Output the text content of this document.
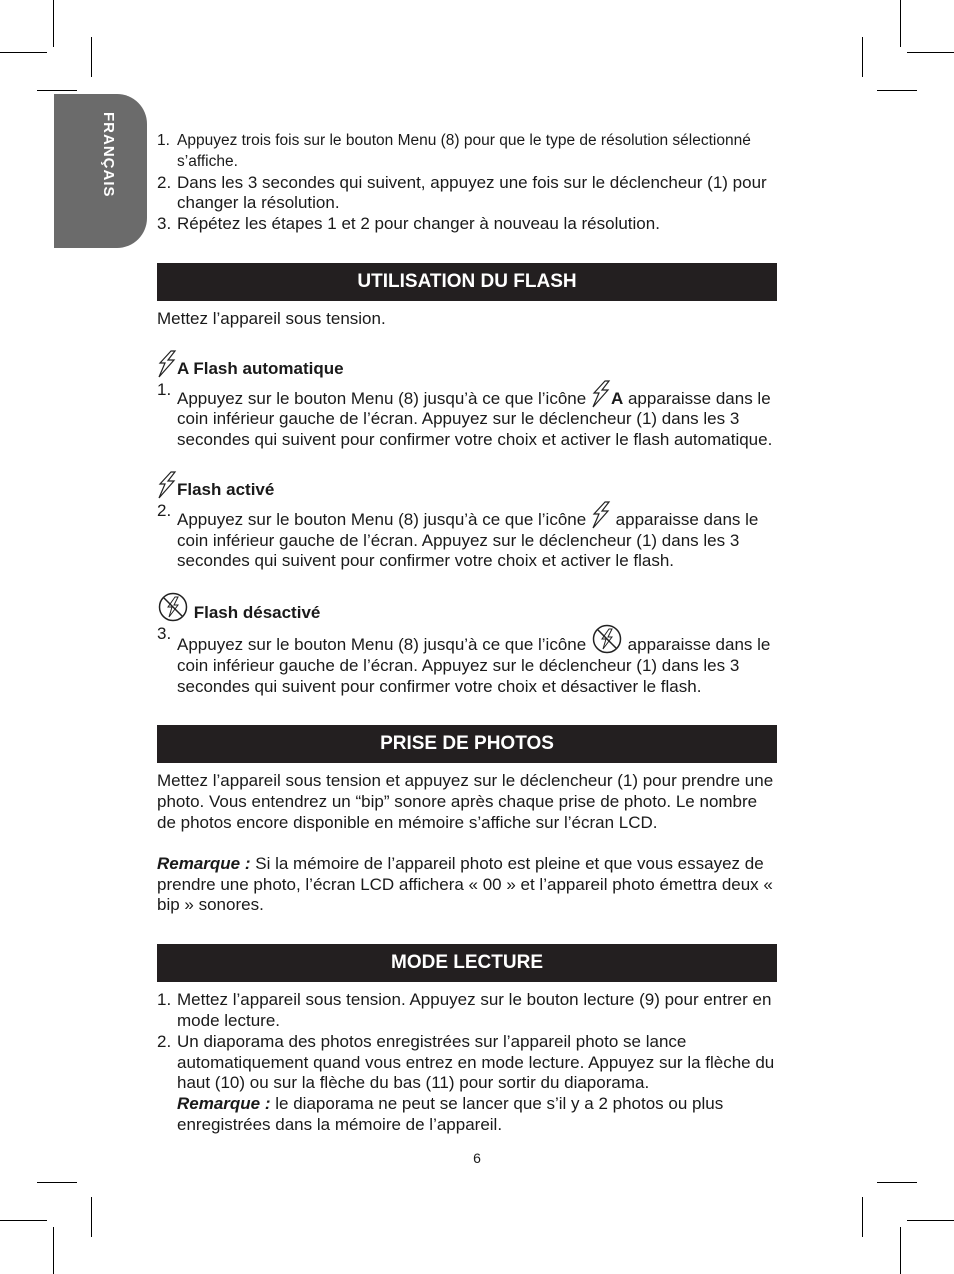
FRANÇAIS	1. Appuyez trois fois sur le bouton Menu (8) pour que le type de résolution sélectionné s’affiche.
2. Dans les 3 secondes qui suivent, appuyez une fois sur le déclencheur (1) pour changer la résolution.
3. Répétez les étapes 1 et 2 pour changer à nouveau la résolution.
UTILISATION DU FLASH

Mettez l’appareil sous tension.

A Flash automatique
1. Appuyez sur le bouton Menu (8) jusqu’à ce que l’icône A apparaisse dans le coin inférieur gauche de l’écran. Appuyez sur le déclencheur (1) dans les 3 secondes qui suivent pour confirmer votre choix et activer le flash automatique.
Flash activé
2. Appuyez sur le bouton Menu (8) jusqu’à ce que l’icône apparaisse dans le coin inférieur gauche de l’écran. Appuyez sur le déclencheur (1) dans les 3 secondes qui suivent pour confirmer votre choix et activer le flash.
Flash désactivé
3.
Appuyez sur le bouton Menu (8) jusqu’à ce que l’icône apparaisse dans le coin inférieur gauche de l’écran. Appuyez sur le déclencheur (1) dans les 3 secondes qui suivent pour confirmer votre choix et désactiver le flash.
PRISE DE PHOTOS

Mettez l’appareil sous tension et appuyez sur le déclencheur (1) pour prendre une photo. Vous entendrez un “bip” sonore après chaque prise de photo. Le nombre de photos encore disponible en mémoire s’affiche sur l’écran LCD.

Remarque : Si la mémoire de l’appareil photo est pleine et que vous essayez de prendre une photo, l’écran LCD affichera « 00 » et l’appareil photo émettra deux « bip » sonores.

MODE LECTURE
1. Mettez l’appareil sous tension. Appuyez sur le bouton lecture (9) pour entrer en mode lecture.
2. Un diaporama des photos enregistrées sur l’appareil photo se lance automatiquement quand vous entrez en mode lecture. Appuyez sur la flèche du haut (10) ou sur la flèche du bas (11) pour sortir du diaporama.
Remarque : le diaporama ne peut se lancer que s’il y a 2 photos ou plus enregistrées dans la mémoire de l’appareil.
6
